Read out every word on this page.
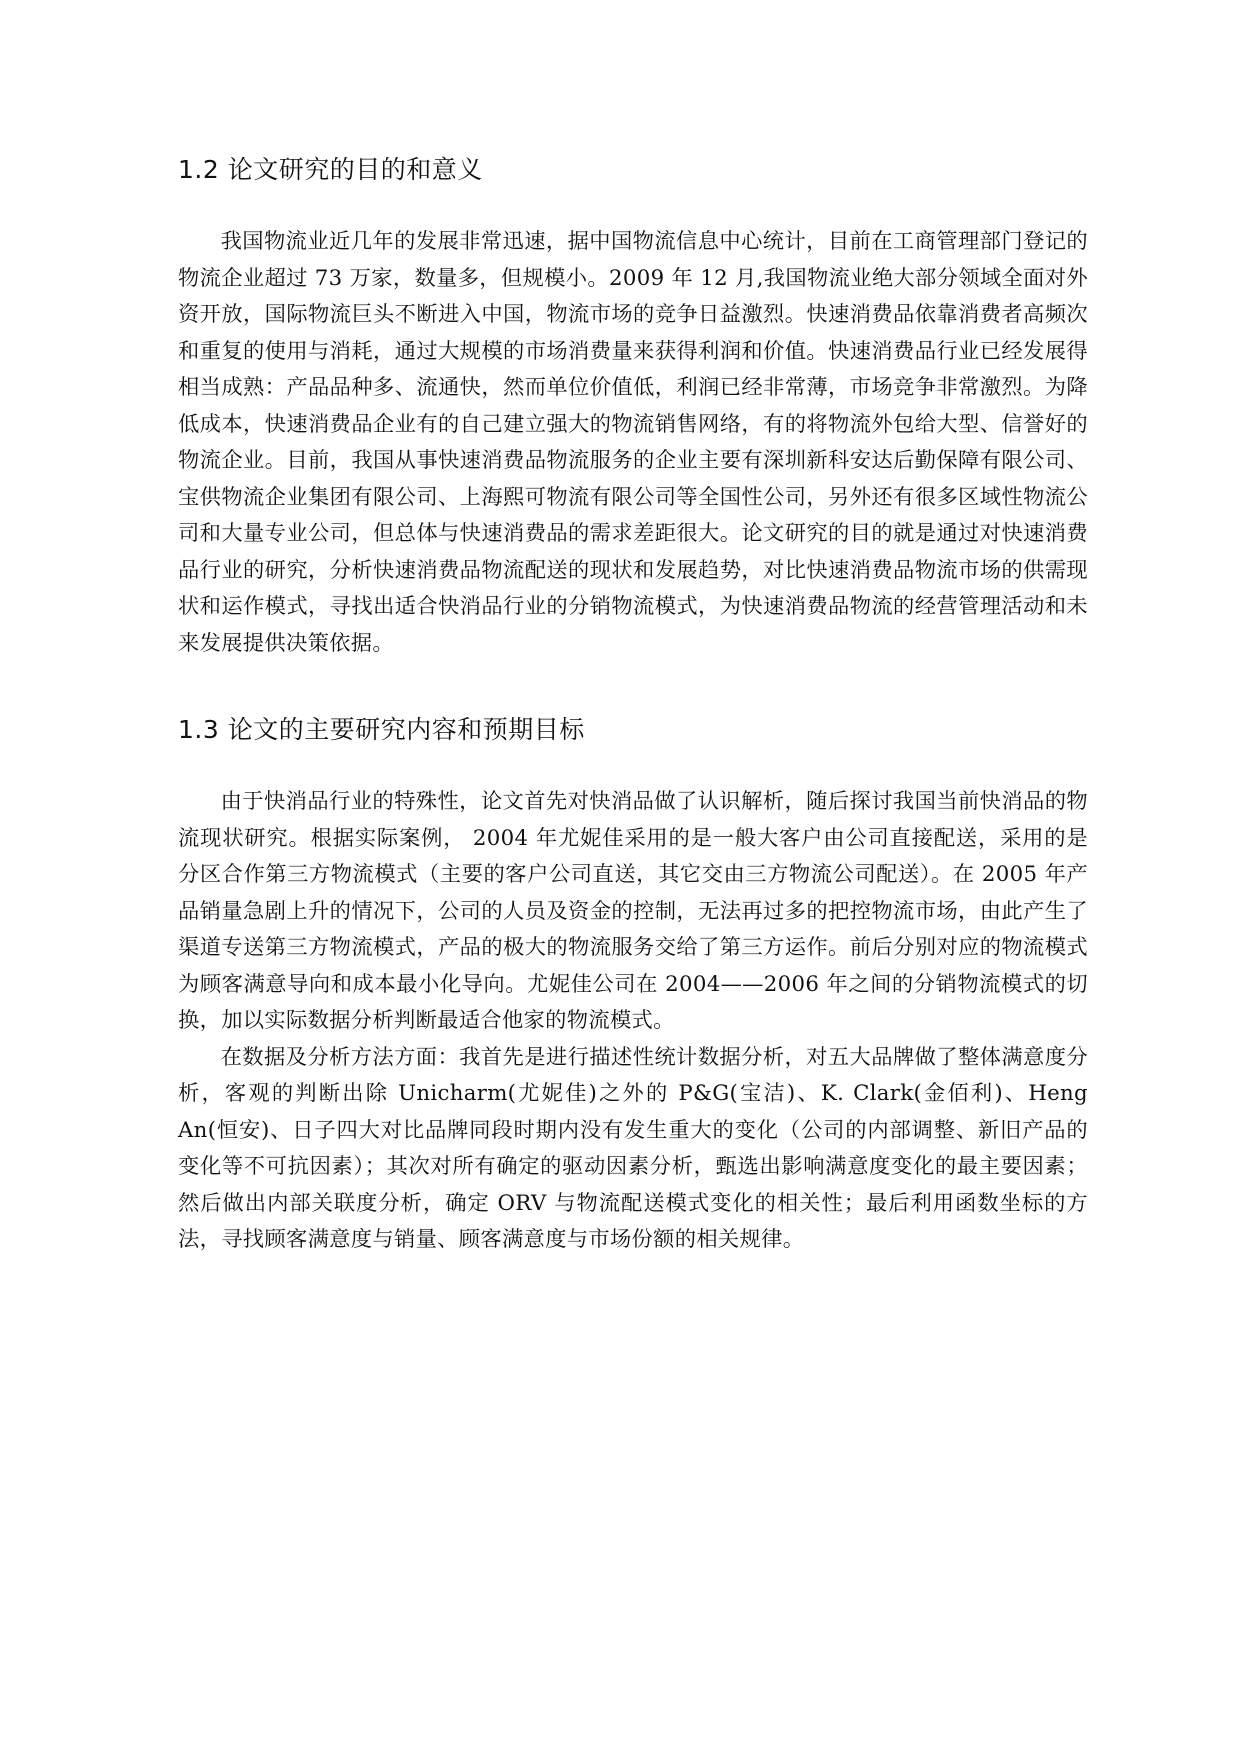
1.2 论文研究的目的和意义

我国物流业近几年的发展非常迅速，据中国物流信息中心统计，目前在工商管理部门登记的物流企业超过 73 万家，数量多，但规模小。2009 年 12 月,我国物流业绝大部分领域全面对外资开放，国际物流巨头不断进入中国，物流市场的竞争日益激烈。快速消费品依靠消费者高频次和重复的使用与消耗，通过大规模的市场消费量来获得利润和价值。快速消费品行业已经发展得相当成熟：产品品种多、流通快，然而单位价值低，利润已经非常薄，市场竞争非常激烈。为降低成本，快速消费品企业有的自己建立强大的物流销售网络，有的将物流外包给大型、信誉好的物流企业。目前，我国从事快速消费品物流服务的企业主要有深圳新科安达后勤保障有限公司、宝供物流企业集团有限公司、上海熙可物流有限公司等全国性公司，另外还有很多区域性物流公司和大量专业公司，但总体与快速消费品的需求差距很大。论文研究的目的就是通过对快速消费品行业的研究，分析快速消费品物流配送的现状和发展趋势，对比快速消费品物流市场的供需现状和运作模式，寻找出适合快消品行业的分销物流模式，为快速消费品物流的经营管理活动和未来发展提供决策依据。

1.3 论文的主要研究内容和预期目标

由于快消品行业的特殊性，论文首先对快消品做了认识解析，随后探讨我国当前快消品的物流现状研究。根据实际案例， 2004 年尤妮佳采用的是一般大客户由公司直接配送，采用的是分区合作第三方物流模式（主要的客户公司直送，其它交由三方物流公司配送）。在 2005 年产品销量急剧上升的情况下，公司的人员及资金的控制，无法再过多的把控物流市场，由此产生了渠道专送第三方物流模式，产品的极大的物流服务交给了第三方运作。前后分别对应的物流模式为顾客满意导向和成本最小化导向。尤妮佳公司在 2004——2006 年之间的分销物流模式的切换，加以实际数据分析判断最适合他家的物流模式。

在数据及分析方法方面：我首先是进行描述性统计数据分析，对五大品牌做了整体满意度分析，客观的判断出除 Unicharm(尤妮佳)之外的 P&G(宝洁)、K. Clark(金佰利)、Heng An(恒安)、日子四大对比品牌同段时期内没有发生重大的变化（公司的内部调整、新旧产品的变化等不可抗因素）；其次对所有确定的驱动因素分析，甄选出影响满意度变化的最主要因素；然后做出内部关联度分析，确定 ORV 与物流配送模式变化的相关性；最后利用函数坐标的方法，寻找顾客满意度与销量、顾客满意度与市场份额的相关规律。
